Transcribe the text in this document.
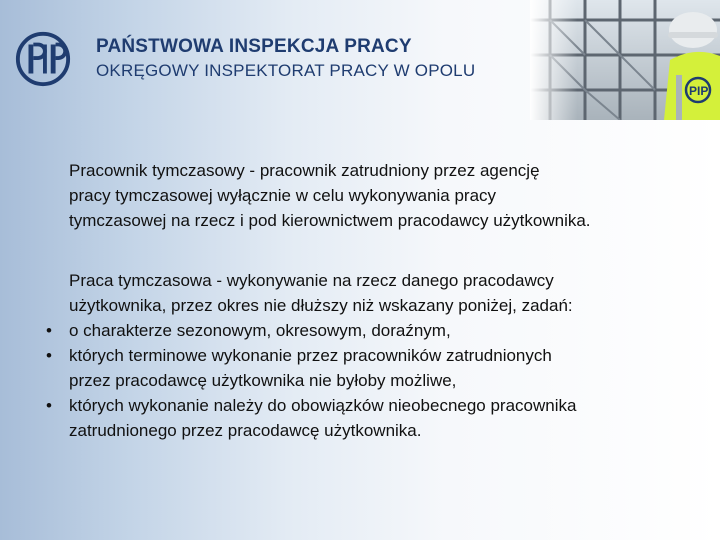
PAŃSTWOWA INSPEKCJA PRACY

OKRĘGOWY INSPEKTORAT PRACY W OPOLU

Pracownik tymczasowy - pracownik zatrudniony przez agencję
pracy tymczasowej wyłącznie w celu wykonywania pracy
tymczasowej na rzecz i pod kierownictwem pracodawcy użytkownika.

Praca tymczasowa - wykonywanie na rzecz danego pracodawcy
użytkownika, przez okres nie dłuższy niż wskazany poniżej, zadań:

• o charakterze sezonowym, okresowym, doraźnym,

• których terminowe wykonanie przez pracowników zatrudnionych
przez pracodawcę użytkownika nie byłoby możliwe,

• których wykonanie należy do obowiązków nieobecnego pracownika
zatrudnionego przez pracodawcę użytkownika.
